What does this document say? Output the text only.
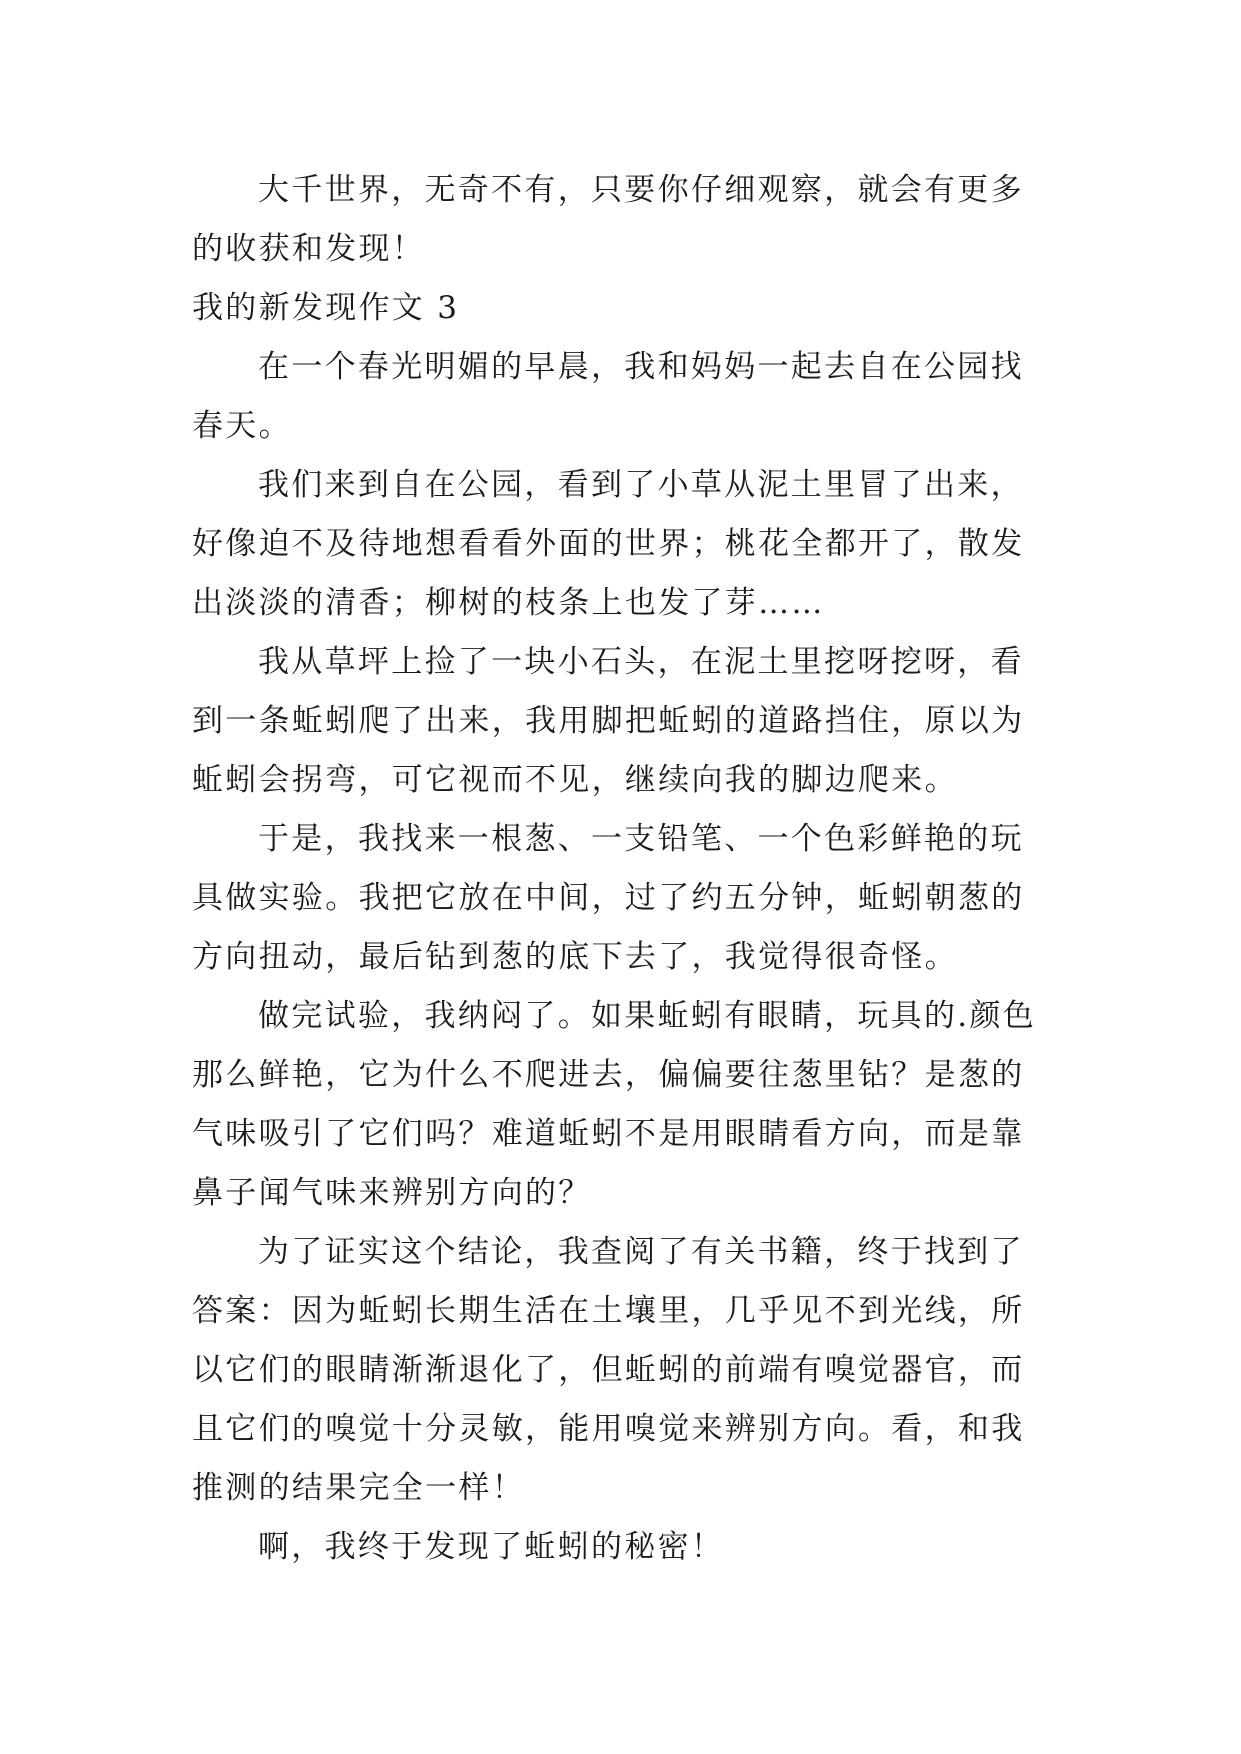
大千世界，无奇不有，只要你仔细观察，就会有更多的收获和发现！

我的新发现作文 3

在一个春光明媚的早晨，我和妈妈一起去自在公园找春天。

我们来到自在公园，看到了小草从泥土里冒了出来，好像迫不及待地想看看外面的世界；桃花全都开了，散发出淡淡的清香；柳树的枝条上也发了芽……

我从草坪上捡了一块小石头，在泥土里挖呀挖呀，看到一条蚯蚓爬了出来，我用脚把蚯蚓的道路挡住，原以为蚯蚓会拐弯，可它视而不见，继续向我的脚边爬来。

于是，我找来一根葱、一支铅笔、一个色彩鲜艳的玩具做实验。我把它放在中间，过了约五分钟，蚯蚓朝葱的方向扭动，最后钻到葱的底下去了，我觉得很奇怪。

做完试验，我纳闷了。如果蚯蚓有眼睛，玩具的.颜色那么鲜艳，它为什么不爬进去，偏偏要往葱里钻？是葱的气味吸引了它们吗？难道蚯蚓不是用眼睛看方向，而是靠鼻子闻气味来辨别方向的？

为了证实这个结论，我查阅了有关书籍，终于找到了答案：因为蚯蚓长期生活在土壤里，几乎见不到光线，所以它们的眼睛渐渐退化了，但蚯蚓的前端有嗅觉器官，而且它们的嗅觉十分灵敏，能用嗅觉来辨别方向。看，和我推测的结果完全一样！

啊，我终于发现了蚯蚓的秘密！
